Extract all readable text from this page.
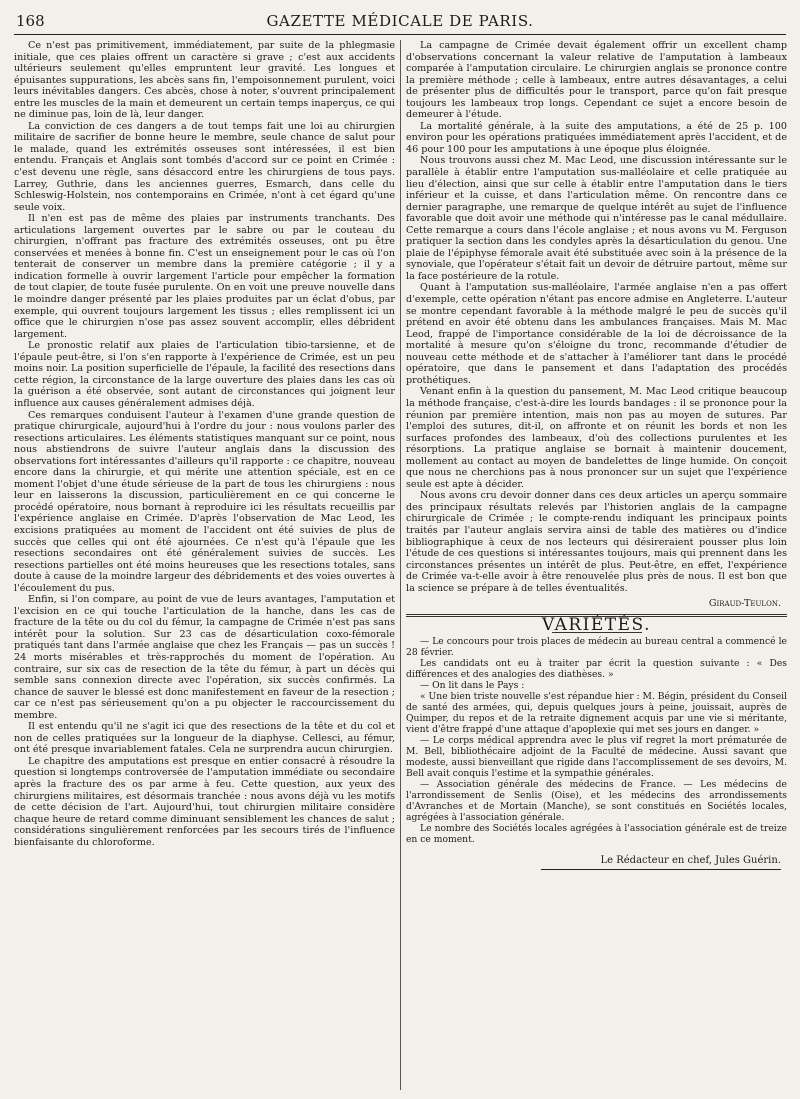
168	GAZETTE MÉDICALE DE PARIS.

Ce n'est pas primitivement, immédiatement, par suite de la phlegmasie initiale, que ces plaies offrent un caractère si grave ; c'est aux accidents ultérieurs seulement qu'elles empruntent leur gravité. Les longues et épuisantes suppurations, les abcès sans fin, l'empoisonnement purulent, voici leurs inévitables dangers. Ces abcès, chose à noter, s'ouvrent principalement entre les muscles de la main et demeurent un certain temps inaperçus, ce qui ne diminue pas, loin de là, leur danger.

La conviction de ces dangers a de tout temps fait une loi au chirurgien militaire de sacrifier de bonne heure le membre, seule chance de salut pour le malade, quand les extrémités osseuses sont intéressées, il est bien entendu. Français et Anglais sont tombés d'accord sur ce point en Crimée : c'est devenu une règle, sans désaccord entre les chirurgiens de tous pays. Larrey, Guthrie, dans les anciennes guerres, Esmarch, dans celle du Schleswig-Holstein, nos contemporains en Crimée, n'ont à cet égard qu'une seule voix.

Il n'en est pas de même des plaies par instruments tranchants. Des articulations largement ouvertes par le sabre ou par le couteau du chirurgien, n'offrant pas fracture des extrémités osseuses, ont pu être conservées et menées à bonne fin. C'est un enseignement pour le cas où l'on tenterait de conserver un membre dans la première catégorie ; il y a indication formelle à ouvrir largement l'article pour empêcher la formation de tout clapier, de toute fusée purulente. On en voit une preuve nouvelle dans le moindre danger présenté par les plaies produites par un éclat d'obus, par exemple, qui ouvrent toujours largement les tissus ; elles remplissent ici un office que le chirurgien n'ose pas assez souvent accomplir, elles débrident largement.

Le pronostic relatif aux plaies de l'articulation tibio-tarsienne, et de l'épaule peut-être, si l'on s'en rapporte à l'expérience de Crimée, est un peu moins noir. La position superficielle de l'épaule, la facilité des resections dans cette région, la circonstance de la large ouverture des plaies dans les cas où la guérison a été observée, sont autant de circonstances qui joignent leur influence aux causes généralement admises déjà.

Ces remarques conduisent l'auteur à l'examen d'une grande question de pratique chirurgicale, aujourd'hui à l'ordre du jour : nous voulons parler des resections articulaires. Les éléments statistiques manquant sur ce point, nous nous abstiendrons de suivre l'auteur anglais dans la discussion des observations fort intéressantes d'ailleurs qu'il rapporte : ce chapitre, nouveau encore dans la chirurgie, et qui mérite une attention spéciale, est en ce moment l'objet d'une étude sérieuse de la part de tous les chirurgiens : nous leur en laisserons la discussion, particulièrement en ce qui concerne le procédé opératoire, nous bornant à reproduire ici les résultats recueillis par l'expérience anglaise en Crimée. D'après l'observation de Mac Leod, les excisions pratiquées au moment de l'accident ont été suivies de plus de succès que celles qui ont été ajournées. Ce n'est qu'à l'épaule que les resections secondaires ont été généralement suivies de succès. Les resections partielles ont été moins heureuses que les resections totales, sans doute à cause de la moindre largeur des débridements et des voies ouvertes à l'écoulement du pus.

Enfin, si l'on compare, au point de vue de leurs avantages, l'amputation et l'excision en ce qui touche l'articulation de la hanche, dans les cas de fracture de la tête ou du col du fémur, la campagne de Crimée n'est pas sans intérêt pour la solution. Sur 23 cas de désarticulation coxo-fémorale pratiqués tant dans l'armée anglaise que chez les Français — pas un succès ! 24 morts misérables et très-rapprochés du moment de l'opération. Au contraire, sur six cas de resection de la tête du fémur, à part un décès qui semble sans connexion directe avec l'opération, six succès confirmés. La chance de sauver le blessé est donc manifestement en faveur de la resection ; car ce n'est pas sérieusement qu'on a pu objecter le raccourcissement du membre.

Il est entendu qu'il ne s'agit ici que des resections de la tête et du col et non de celles pratiquées sur la longueur de la diaphyse. Cellesci, au fémur, ont été presque invariablement fatales. Cela ne surprendra aucun chirurgien.

Le chapitre des amputations est presque en entier consacré à résoudre la question si longtemps controversée de l'amputation immédiate ou secondaire après la fracture des os par arme à feu. Cette question, aux yeux des chirurgiens militaires, est désormais tranchée : nous avons déjà vu les motifs de cette décision de l'art. Aujourd'hui, tout chirurgien militaire considère chaque heure de retard comme diminuant sensiblement les chances de salut ; considérations singulièrement renforcées par les secours tirés de l'influence bienfaisante du chloroforme.

La campagne de Crimée devait également offrir un excellent champ d'observations concernant la valeur relative de l'amputation à lambeaux comparée à l'amputation circulaire. Le chirurgien anglais se prononce contre la première méthode ; celle à lambeaux, entre autres désavantages, a celui de présenter plus de difficultés pour le transport, parce qu'on fait presque toujours les lambeaux trop longs. Cependant ce sujet a encore besoin de demeurer à l'étude.

La mortalité générale, à la suite des amputations, a été de 25 p. 100 environ pour les opérations pratiquées immédiatement après l'accident, et de 46 pour 100 pour les amputations à une époque plus éloignée.

Nous trouvons aussi chez M. Mac Leod, une discussion intéressante sur le parallèle à établir entre l'amputation sus-malléolaire et celle pratiquée au lieu d'élection, ainsi que sur celle à établir entre l'amputation dans le tiers inférieur et la cuisse, et dans l'articulation même. On rencontre dans ce dernier paragraphe, une remarque de quelque intérêt au sujet de l'influence favorable que doit avoir une méthode qui n'intéresse pas le canal médullaire. Cette remarque a cours dans l'école anglaise ; et nous avons vu M. Ferguson pratiquer la section dans les condyles après la désarticulation du genou. Une plaie de l'épiphyse fémorale avait été substituée avec soin à la présence de la synoviale, que l'opérateur s'était fait un devoir de détruire partout, même sur la face postérieure de la rotule.

Quant à l'amputation sus-malléolaire, l'armée anglaise n'en a pas offert d'exemple, cette opération n'étant pas encore admise en Angleterre. L'auteur se montre cependant favorable à la méthode malgré le peu de succès qu'il prétend en avoir été obtenu dans les ambulances françaises. Mais M. Mac Leod, frappé de l'importance considérable de la loi de décroissance de la mortalité à mesure qu'on s'éloigne du tronc, recommande d'étudier de nouveau cette méthode et de s'attacher à l'améliorer tant dans le procédé opératoire, que dans le pansement et dans l'adaptation des procédés prothétiques.

Venant enfin à la question du pansement, M. Mac Leod critique beaucoup la méthode française, c'est-à-dire les lourds bandages : il se prononce pour la réunion par première intention, mais non pas au moyen de sutures. Par l'emploi des sutures, dit-il, on affronte et on réunit les bords et non les surfaces profondes des lambeaux, d'où des collections purulentes et les résorptions. La pratique anglaise se bornait à maintenir doucement, mollement au contact au moyen de bandelettes de linge humide. On conçoit que nous ne cherchions pas à nous prononcer sur un sujet que l'expérience seule est apte à décider.

Nous avons cru devoir donner dans ces deux articles un aperçu sommaire des principaux résultats relevés par l'historien anglais de la campagne chirurgicale de Crimée ; le compte-rendu indiquant les principaux points traités par l'auteur anglais servira ainsi de table des matières ou d'indice bibliographique à ceux de nos lecteurs qui désireraient pousser plus loin l'étude de ces questions si intéressantes toujours, mais qui prennent dans les circonstances présentes un intérêt de plus. Peut-être, en effet, l'expérience de Crimée va-t-elle avoir à être renouvelée plus près de nous. Il est bon que la science se prépare à de telles éventualités.

Giraud-Teulon.
VARIÉTÉS.

— Le concours pour trois places de médecin au bureau central a commencé le 28 février.

Les candidats ont eu à traiter par écrit la question suivante : « Des différences et des analogies des diathèses. »

— On lit dans le Pays :

« Une bien triste nouvelle s'est répandue hier : M. Bégin, président du Conseil de santé des armées, qui, depuis quelques jours à peine, jouissait, auprès de Quimper, du repos et de la retraite dignement acquis par une vie si méritante, vient d'être frappé d'une attaque d'apoplexie qui met ses jours en danger. »

— Le corps médical apprendra avec le plus vif regret la mort prématurée de M. Bell, bibliothécaire adjoint de la Faculté de médecine. Aussi savant que modeste, aussi bienveillant que rigide dans l'accomplissement de ses devoirs, M. Bell avait conquis l'estime et la sympathie générales.

— Association générale des médecins de France. — Les médecins de l'arrondissement de Senlis (Oise), et les médecins des arrondissements d'Avranches et de Mortain (Manche), se sont constitués en Sociétés locales, agrégées à l'association générale.

Le nombre des Sociétés locales agrégées à l'association générale est de treize en ce moment.

Le Rédacteur en chef, Jules Guérin.
